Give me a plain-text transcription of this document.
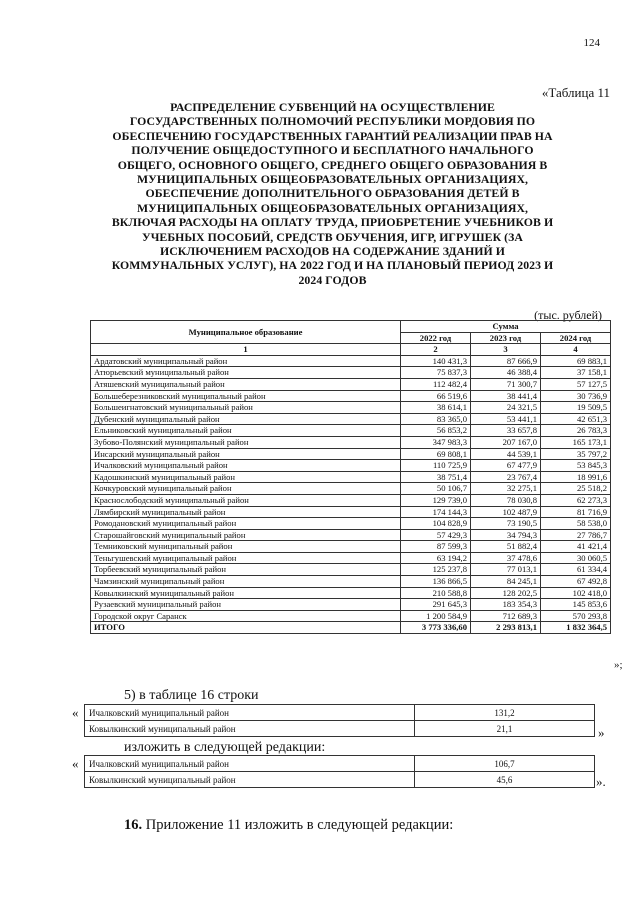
124
«Таблица 11
РАСПРЕДЕЛЕНИЕ СУБВЕНЦИЙ НА ОСУЩЕСТВЛЕНИЕ ГОСУДАРСТВЕННЫХ ПОЛНОМОЧИЙ РЕСПУБЛИКИ МОРДОВИЯ ПО ОБЕСПЕЧЕНИЮ ГОСУДАРСТВЕННЫХ ГАРАНТИЙ РЕАЛИЗАЦИИ ПРАВ НА ПОЛУЧЕНИЕ ОБЩЕДОСТУПНОГО И БЕСПЛАТНОГО НАЧАЛЬНОГО ОБЩЕГО, ОСНОВНОГО ОБЩЕГО, СРЕДНЕГО ОБЩЕГО ОБРАЗОВАНИЯ В МУНИЦИПАЛЬНЫХ ОБЩЕОБРАЗОВАТЕЛЬНЫХ ОРГАНИЗАЦИЯХ, ОБЕСПЕЧЕНИЕ ДОПОЛНИТЕЛЬНОГО ОБРАЗОВАНИЯ ДЕТЕЙ В МУНИЦИПАЛЬНЫХ ОБЩЕОБРАЗОВАТЕЛЬНЫХ ОРГАНИЗАЦИЯХ, ВКЛЮЧАЯ РАСХОДЫ НА ОПЛАТУ ТРУДА, ПРИОБРЕТЕНИЕ УЧЕБНИКОВ И УЧЕБНЫХ ПОСОБИЙ, СРЕДСТВ ОБУЧЕНИЯ, ИГР, ИГРУШЕК (ЗА ИСКЛЮЧЕНИЕМ РАСХОДОВ НА СОДЕРЖАНИЕ ЗДАНИЙ И КОММУНАЛЬНЫХ УСЛУГ), НА 2022 ГОД И НА ПЛАНОВЫЙ ПЕРИОД 2023 И 2024 ГОДОВ
(тыс. рублей)
Муниципальное образование	Сумма		
	2022 год	2023 год	2024 год
1	2	3	4
Ардатовский муниципальный район	140 431,3	87 666,9	69 883,1
Атюрьевский муниципальный район	75 837,3	46 388,4	37 158,1
Атяшевский муниципальный район	112 482,4	71 300,7	57 127,5
Большеберезниковский муниципальный район	66 519,6	38 441,4	30 736,9
Большеигнатовский муниципальный район	38 614,1	24 321,5	19 509,5
Дубенский муниципальный район	83 365,0	53 441,1	42 651,3
Ельниковский муниципальный район	56 853,2	33 657,8	26 783,3
Зубово-Полянский муниципальный район	347 983,3	207 167,0	165 173,1
Инсарский муниципальный район	69 808,1	44 539,1	35 797,2
Ичалковский муниципальный район	110 725,9	67 477,9	53 845,3
Кадошкинский муниципальный район	38 751,4	23 767,4	18 991,6
Кочкуровский муниципальный район	50 106,7	32 275,1	25 518,2
Краснослободский муниципальный район	129 739,0	78 030,8	62 273,3
Лямбирский муниципальный район	174 144,3	102 487,9	81 716,9
Ромодановский муниципальный район	104 828,9	73 190,5	58 538,0
Старошайговский муниципальный район	57 429,3	34 794,3	27 786,7
Темниковский муниципальный район	87 599,3	51 882,4	41 421,4
Теньгушевский муниципальный район	63 194,2	37 478,6	30 060,5
Торбеевский муниципальный район	125 237,8	77 013,1	61 334,4
Чамзинский муниципальный район	136 866,5	84 245,1	67 492,8
Ковылкинский муниципальный район	210 588,8	128 202,5	102 418,0
Рузаевский муниципальный район	291 645,3	183 354,3	145 853,6
Городской округ Саранск	1 200 584,9	712 689,3	570 293,8
ИТОГО	3 773 336,60	2 293 813,1	1 832 364,5
»;
5) в таблице 16 строки
« Ичалковский муниципальный район	131,2
Ковылкинский муниципальный район	21,1	»
изложить в следующей редакции:
« Ичалковский муниципальный район	106,7
Ковылкинский муниципальный район	45,6	».
16. Приложение 11 изложить в следующей редакции:
